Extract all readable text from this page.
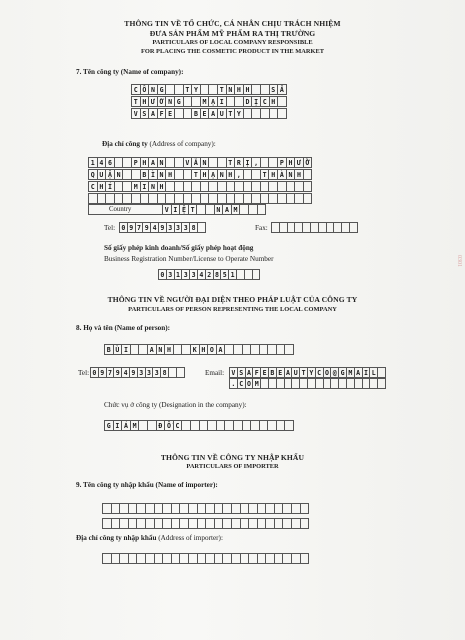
THÔNG TIN VỀ TỔ CHỨC, CÁ NHÂN CHỊU TRÁCH NHIỆM
ĐƯA SẢN PHẨM MỸ PHẨM RA THỊ TRƯỜNG
PARTICULARS OF LOCAL COMPANY RESPONSIBLE
FOR PLACING THE COSMETIC PRODUCT IN THE MARKET
7. Tên công ty (Name of company):
C Ô N G	T Y	T N H H	S Ả
T H Ư Ơ N G	M Ạ I	D Ị C H
V S A F E	B E A U T Y
Địa chỉ công ty (Address of company):
1 4 6	P H A N	V Ă N	T R Ị ,	P H Ư Ờ
Q U Ậ N	B Ì N H	T H Ạ N H ,	T H À N H
C H Í	M I N H
Country	V I Ệ T	N A M
Tel: 0 9 7 9 4 9 3 3 3 8	Fax:
Số giấy phép kinh doanh/Số giấy phép hoạt động
Business Registration Number/License to Operate Number
0 3 1 3 3 4 2 8 5 1
THÔNG TIN VỀ NGƯỜI ĐẠI DIỆN THEO PHÁP LUẬT CỦA CÔNG TY
PARTICULARS OF PERSON REPRESENTING THE LOCAL COMPANY
8. Họ và tên (Name of person):
B Ù I	A N H	K H O A
Tel: 0 9 7 9 4 9 3 3 3 8	Email:	V S A F E B E A U T Y C O @ G M A I L
. C O M
Chức vụ ở công ty (Designation in the company):
G I Á M	Đ Ố C
THÔNG TIN VỀ CÔNG TY NHẬP KHẨU
PARTICULARS OF IMPORTER
9. Tên công ty nhập khẩu (Name of importer):
Địa chỉ công ty nhập khẩu (Address of importer):
0301
